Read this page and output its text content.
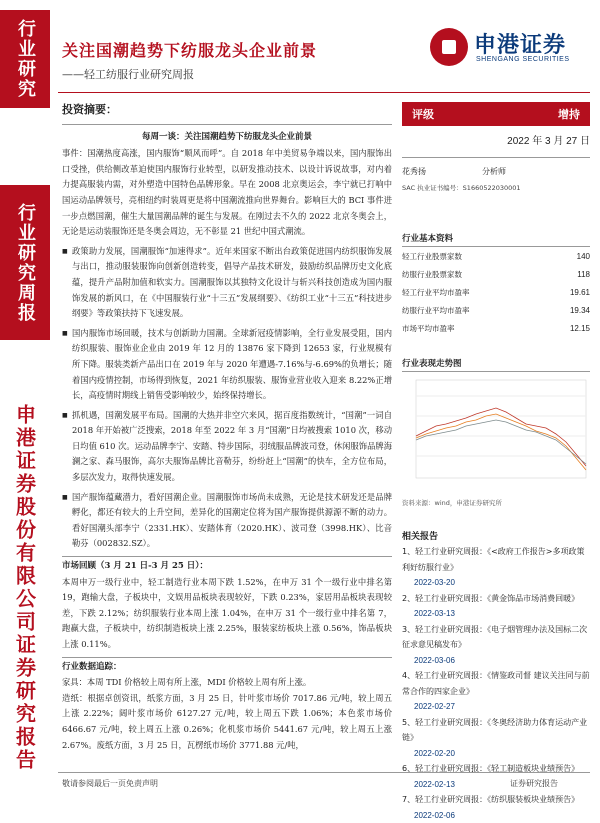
行业研究
行业研究周报
申港证券股份有限公司证券研究报告
关注国潮趋势下纺服龙头企业前景
——轻工纺服行业研究周报
申港证券
SHENGANG SECURITIES
投资摘要：
每周一谈：关注国潮趋势下纺服龙头企业前景
事件：国潮热度高涨，国内服饰“顺风而呼”。自 2018 年中美贸易争端以来，国内服饰出口受挫，供给侧改革迫使国内服饰行业转型，以研发推动技术、以设计诉说故事，对内着力提高服装内需，对外塑造中国特色品牌形象。早在 2008 北京奥运会，李宁就已打响中国运动品牌领号，亮相纽约时装周更是将中国潮流推向世界舞台。影响巨大的 BCI 事件进一步点燃国潮，催生大量国潮品牌的诞生与发展。在刚过去不久的 2022 北京冬奥会上，无论是运动装服饰还是冬奥会周边，无不彰显 21 世纪中国式潮流。
■ 政策助力发展，国潮服饰“加速得求”。近年来国家不断出台政策促进国内纺织服饰发展与出口，推动服装服饰向创新创造转变，倡导产品技术研发，鼓励纺织品牌历史文化底蕴，提升产品附加值和软实力。国潮服饰以其独特文化设计与斩兴科技创造成为国内服饰发展的新风口，在《中国服装行业“十三五”发展纲要》、《纺织工业“十三五”科技进步纲要》等政策扶持下飞速发展。
■ 国内服饰市场回暖，技术与创新助力国潮。全球新冠疫情影响，全行业发展受阻，国内纺织服装、服饰业企业由 2019 年 12 月的 13876 家下降到 12653 家，行业规模有所下降。服装类新产品出口在 2019 年与 2020 年遭遇-7.16%与-6.69%的负增长；随着国内疫情控制，市场得到恢复，2021 年纺织服装、服饰业营业收入迎来 8.22%正增长，高疫情时期线上销售受影响较少，始终保持增长。
■ 抓机遇，国潮发展平布局。国潮的大热并非空穴来风，据百度指数统计，“国潮”一词自 2018 年开始被广泛搜索，2018 年至 2022 年 3 月“国潮”日均被搜索 1010 次，移动日均值 610 次。运动品牌李宁、安踏、特步国际，羽绒服品牌波司登，休闲服饰品牌海澜之家、森马服饰，高尔夫服饰品牌比音勒芬，纷纷赶上“国潮”的快车，全方位布局，多层次发力，取得快速发展。
■ 国产服饰蕴藏潜力，看好国潮企业。国潮服饰市场尚未成熟，无论是技术研发还是品牌孵化，都还有较大的上升空间，差异化的国潮定位将为国产服饰提供源源不断的动力。看好国潮头部李宁（2331.HK）、安踏体育（2020.HK）、波司登（3998.HK）、比音勒芬（002832.SZ）。
市场回顾（3 月 21 日-3 月 25 日）：
本周申万一级行业中，轻工制造行业本周下跌 1.52%，在申万 31 个一级行业中排名第 19，跑输大盘，子板块中，文娱用品板块表现较好，下跌 0.23%，家居用品板块表现较差，下跌 2.12%；纺织服装行业本周上涨 1.04%，在申万 31 个一级行业中排名第 7，跑赢大盘，子板块中，纺织制造板块上涨 2.25%，服装家纺板块上涨 0.56%，饰品板块上涨 0.11%。
行业数据追踪：
家具：本周 TDI 价格较上周有所上涨，MDI 价格较上周有所上涨。
造纸：根据卓创资讯，纸浆方面，3 月 25 日，针叶浆市场价 7017.86 元/吨，较上周五上涨 2.22%；阔叶浆市场价 6127.27 元/吨，较上周五下跌 1.06%；本色浆市场价 6466.67 元/吨，较上周五上涨 0.26%；化机浆市场价 5441.67 元/吨，较上周五上涨 2.67%。废纸方面，3 月 25 日，瓦楞纸市场价 3771.88 元/吨，
评级	增持
2022 年 3 月 27 日
花秀扬	分析师
SAC 执业证书编号：S1660522030001
行业基本资料
轻工行业股票家数	140
纺服行业股票家数	118
轻工行业平均市盈率	19.61
纺服行业平均市盈率	19.34
市场平均市盈率	12.15
行业表现走势图
资料来源：wind，申港证券研究所
相关报告
1、轻工行业研究周报：《<政府工作报告>多项政策利好纺服行业》
2022-03-20
2、轻工行业研究周报：《黄金饰品市场消费回暖》
2022-03-13
3、轻工行业研究周报：《电子烟管理办法及国标二次征求意见稿发布》
2022-03-06
4、轻工行业研究周报：《情鉴政司督 建议关注同与前常合作的四家企业》
2022-02-27
5、轻工行业研究周报：《冬奥经济助力体育运动产业链》
2022-02-20
6、轻工行业研究周报：《轻工制造板块业绩预告》
2022-02-13
7、轻工行业研究周报：《纺织服装板块业绩预告》
2022-02-06
敬请参阅最后一页免责声明	证券研究报告
